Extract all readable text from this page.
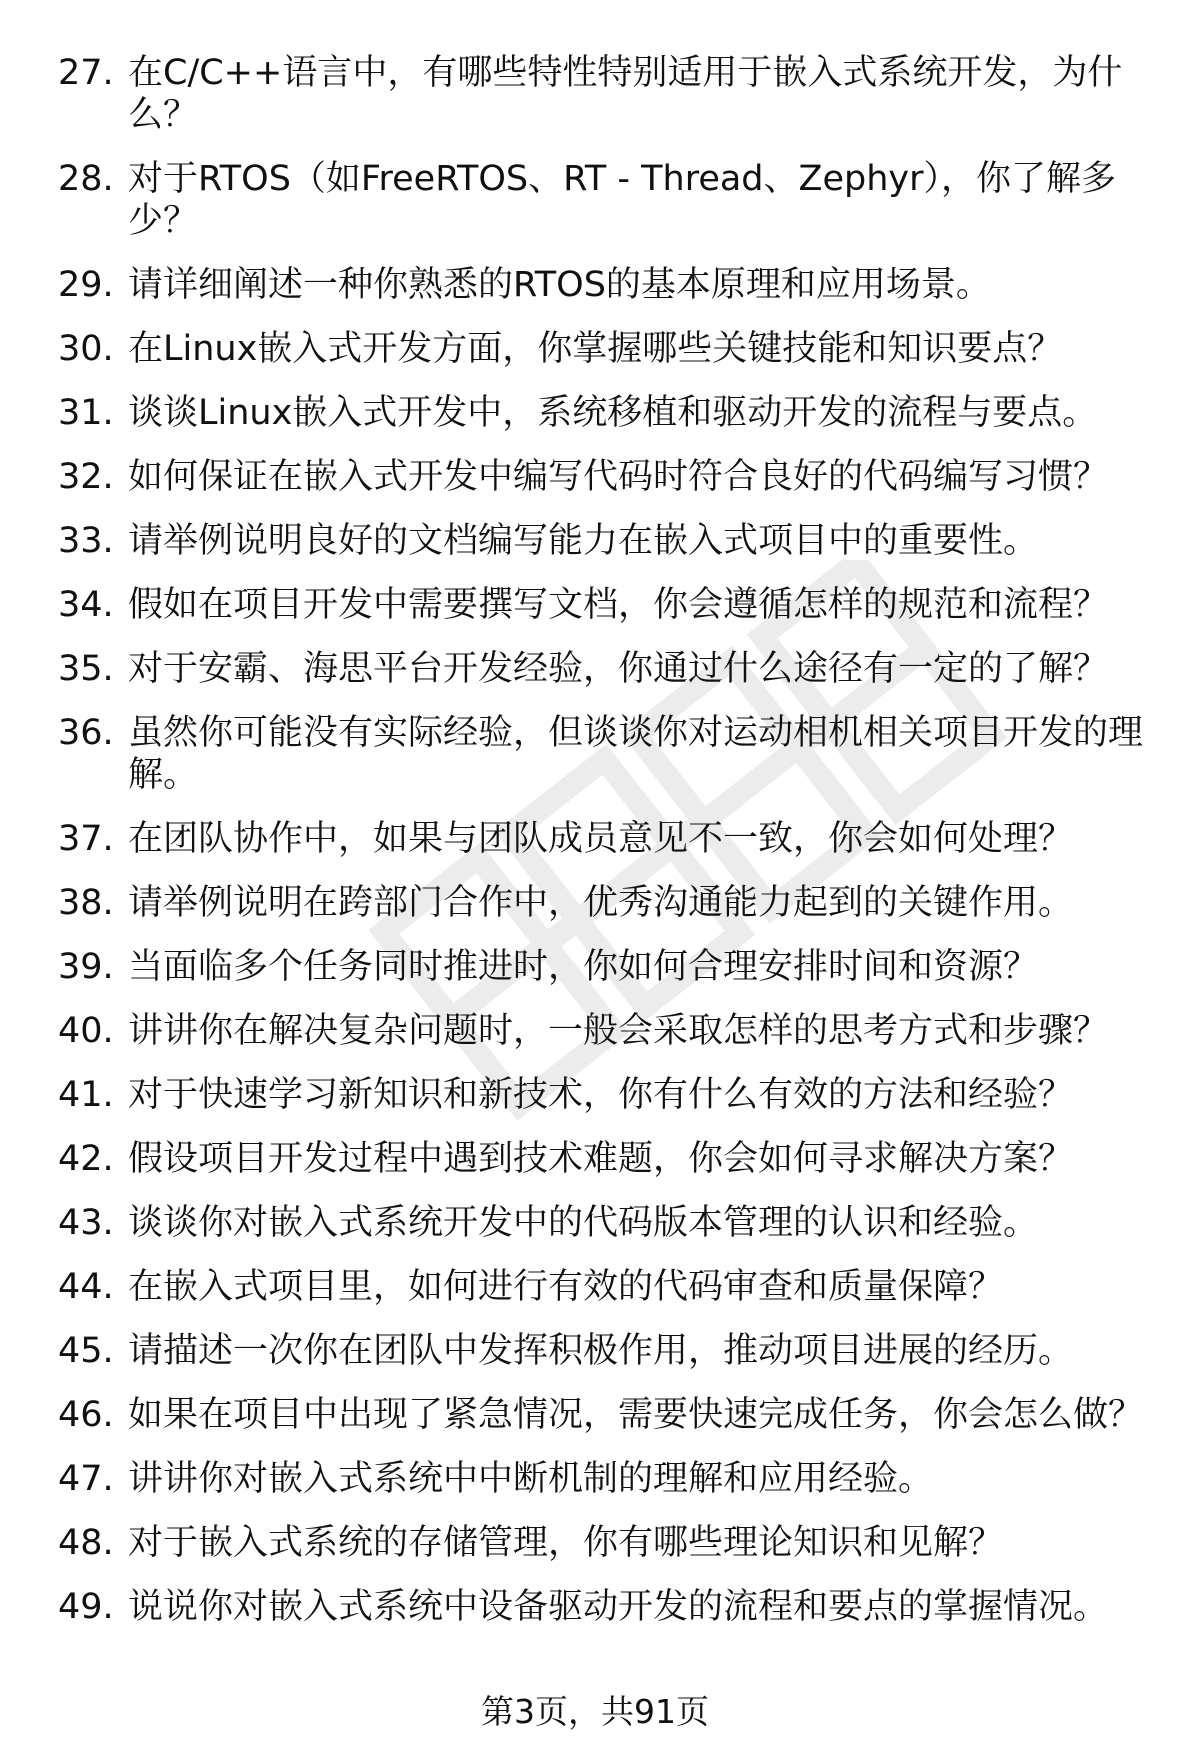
27. 在C/C++语言中，有哪些特性特别适用于嵌入式系统开发，为什么？
28. 对于RTOS（如FreeRTOS、RT - Thread、Zephyr），你了解多少？
29. 请详细阐述一种你熟悉的RTOS的基本原理和应用场景。
30. 在Linux嵌入式开发方面，你掌握哪些关键技能和知识要点？
31. 谈谈Linux嵌入式开发中，系统移植和驱动开发的流程与要点。
32. 如何保证在嵌入式开发中编写代码时符合良好的代码编写习惯？
33. 请举例说明良好的文档编写能力在嵌入式项目中的重要性。
34. 假如在项目开发中需要撰写文档，你会遵循怎样的规范和流程？
35. 对于安霸、海思平台开发经验，你通过什么途径有一定的了解？
36. 虽然你可能没有实际经验，但谈谈你对运动相机相关项目开发的理解。
37. 在团队协作中，如果与团队成员意见不一致，你会如何处理？
38. 请举例说明在跨部门合作中，优秀沟通能力起到的关键作用。
39. 当面临多个任务同时推进时，你如何合理安排时间和资源？
40. 讲讲你在解决复杂问题时，一般会采取怎样的思考方式和步骤？
41. 对于快速学习新知识和新技术，你有什么有效的方法和经验？
42. 假设项目开发过程中遇到技术难题，你会如何寻求解决方案？
43. 谈谈你对嵌入式系统开发中的代码版本管理的认识和经验。
44. 在嵌入式项目里，如何进行有效的代码审查和质量保障？
45. 请描述一次你在团队中发挥积极作用，推动项目进展的经历。
46. 如果在项目中出现了紧急情况，需要快速完成任务，你会怎么做？
47. 讲讲你对嵌入式系统中中断机制的理解和应用经验。
48. 对于嵌入式系统的存储管理，你有哪些理论知识和见解？
49. 说说你对嵌入式系统中设备驱动开发的流程和要点的掌握情况。
第3页，共91页
